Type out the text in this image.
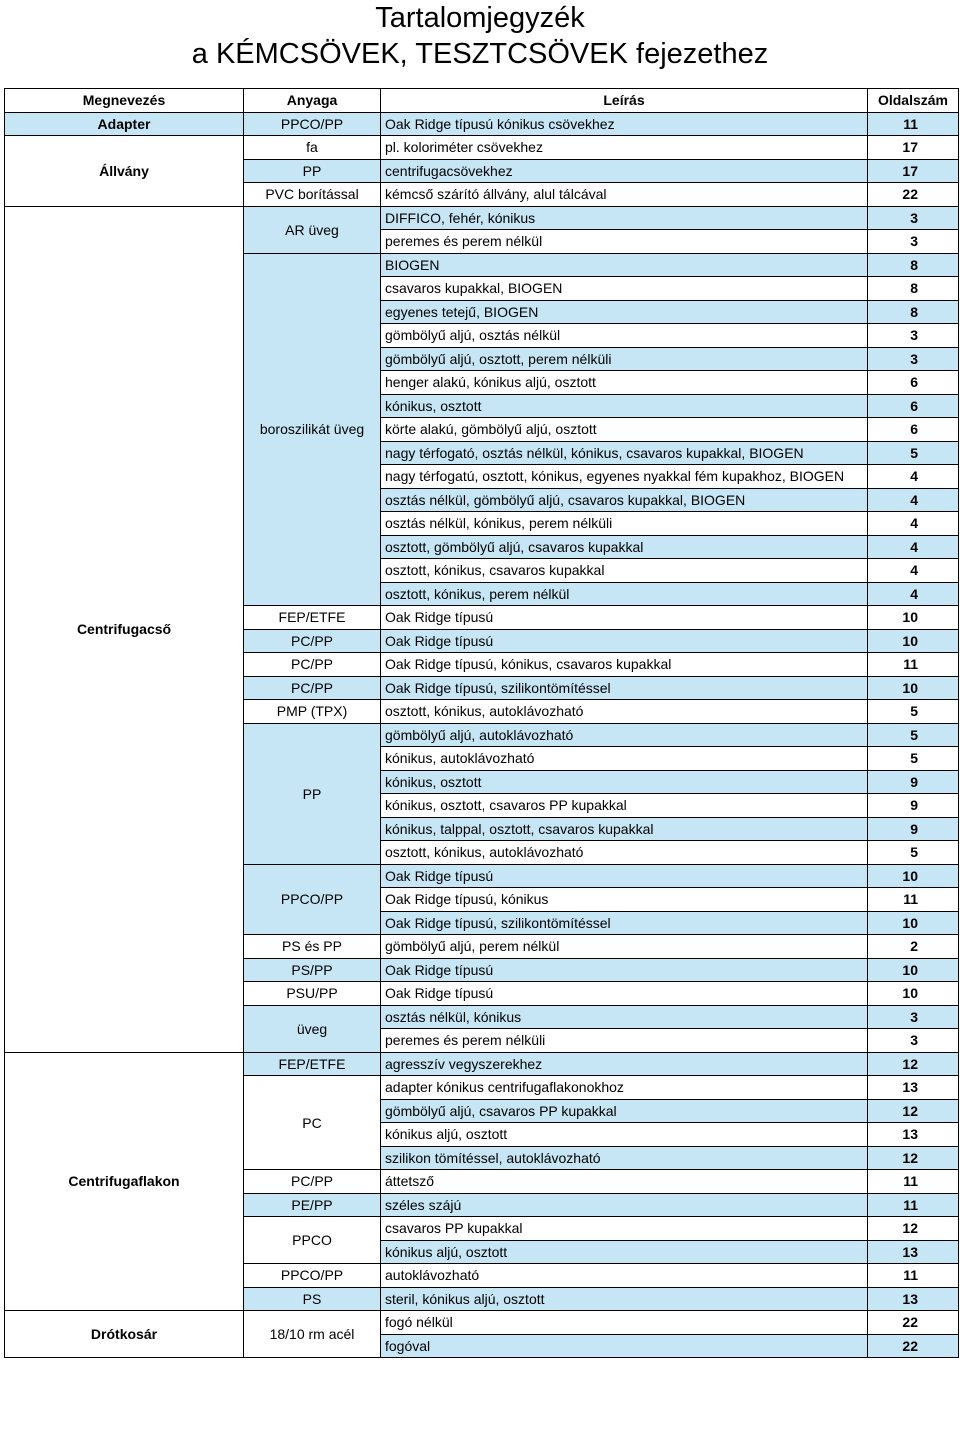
Tartalomjegyzék
a KÉMCSÖVEK, TESZTCSÖVEK fejezethez
Megnevezés	Anyaga	Leírás	Oldalszám
Adapter	PPCO/PP	Oak Ridge típusú kónikus csövekhez	11
Állvány	fa	pl. koloriméter csövekhez	17
	PP	centrifugacsövekhez	17
	PVC borítással	kémcső szárító állvány, alul tálcával	22
Centrifugacső	AR üveg	DIFFICO, fehér, kónikus	3
		peremes és perem nélkül	3
	boroszilikát üveg	BIOGEN	8
		csavaros kupakkal, BIOGEN	8
		egyenes tetejű, BIOGEN	8
		gömbölyű aljú, osztás nélkül	3
		gömbölyű aljú, osztott, perem nélküli	3
		henger alakú, kónikus aljú, osztott	6
		kónikus, osztott	6
		körte alakú, gömbölyű aljú, osztott	6
		nagy térfogató, osztás nélkül, kónikus, csavaros kupakkal, BIOGEN	5
		nagy térfogatú, osztott, kónikus, egyenes nyakkal fém kupakhoz, BIOGEN	4
		osztás nélkül, gömbölyű aljú, csavaros kupakkal, BIOGEN	4
		osztás nélkül, kónikus, perem nélküli	4
		osztott, gömbölyű aljú, csavaros kupakkal	4
		osztott, kónikus, csavaros kupakkal	4
		osztott, kónikus, perem nélkül	4
	FEP/ETFE	Oak Ridge típusú	10
	PC/PP	Oak Ridge típusú	10
	PC/PP	Oak Ridge típusú, kónikus, csavaros kupakkal	11
	PC/PP	Oak Ridge típusú, szilikontömítéssel	10
	PMP (TPX)	osztott, kónikus, autoklávozható	5
	PP	gömbölyű aljú, autoklávozható	5
		kónikus, autoklávozható	5
		kónikus, osztott	9
		kónikus, osztott, csavaros PP kupakkal	9
		kónikus, talppal, osztott, csavaros kupakkal	9
		osztott, kónikus, autoklávozható	5
	PPCO/PP	Oak Ridge típusú	10
		Oak Ridge típusú, kónikus	11
		Oak Ridge típusú, szilikontömítéssel	10
	PS és PP	gömbölyű aljú, perem nélkül	2
	PS/PP	Oak Ridge típusú	10
	PSU/PP	Oak Ridge típusú	10
	üveg	osztás nélkül, kónikus	3
		peremes és perem nélküli	3
Centrifugaflakon	FEP/ETFE	agresszív vegyszerekhez	12
	PC	adapter kónikus centrifugaflakonokhoz	13
		gömbölyű aljú, csavaros PP kupakkal	12
		kónikus aljú, osztott	13
		szilikon tömítéssel, autoklávozható	12
	PC/PP	áttetsző	11
	PE/PP	széles szájú	11
	PPCO	csavaros PP kupakkal	12
		kónikus aljú, osztott	13
	PPCO/PP	autoklávozható	11
	PS	steril, kónikus aljú, osztott	13
Drótkosár	18/10 rm acél	fogó nélkül	22
		fogóval	22
